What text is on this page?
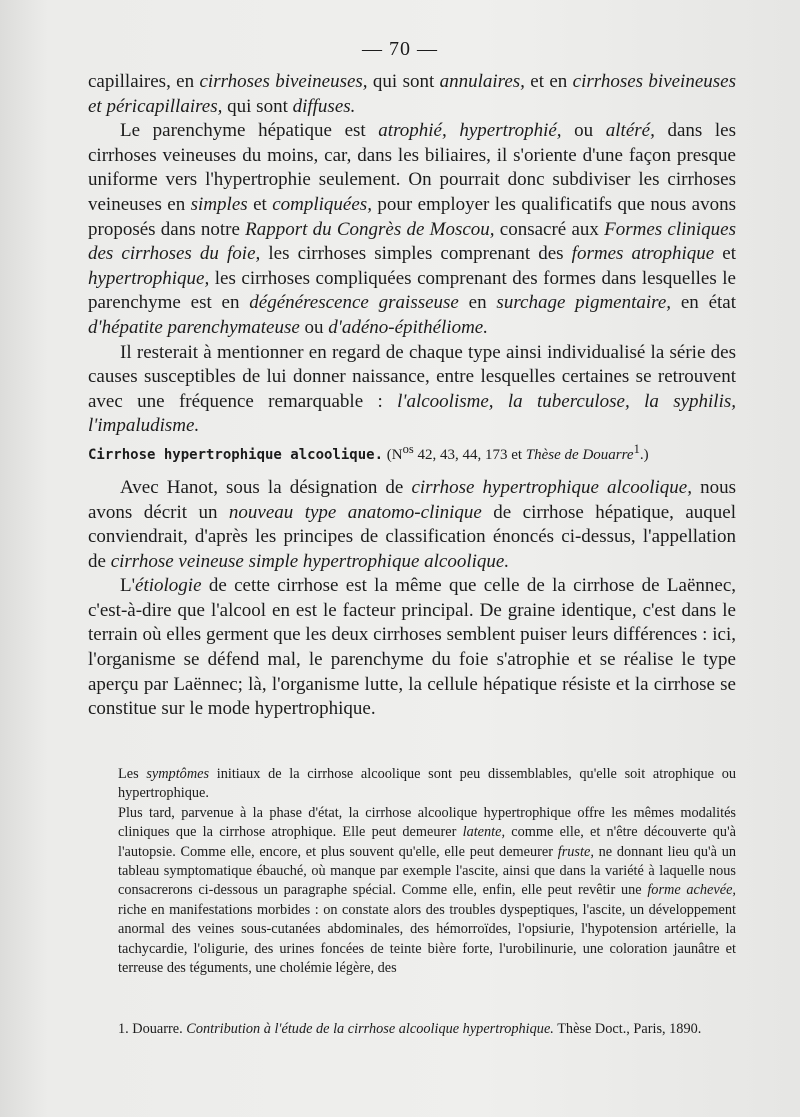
— 70 —

capillaires, en cirrhoses biveineuses, qui sont annulaires, et en cirrhoses biveineuses et péricapillaires, qui sont diffuses.

Le parenchyme hépatique est atrophié, hypertrophié, ou altéré, dans les cirrhoses veineuses du moins, car, dans les biliaires, il s'oriente d'une façon presque uniforme vers l'hypertrophie seulement. On pourrait donc subdiviser les cirrhoses veineuses en simples et compliquées, pour employer les qualificatifs que nous avons proposés dans notre Rapport du Congrès de Moscou, consacré aux Formes cliniques des cirrhoses du foie, les cirrhoses simples comprenant des formes atrophique et hypertrophique, les cirrhoses compliquées comprenant des formes dans lesquelles le parenchyme est en dégénérescence graisseuse en surchage pigmentaire, en état d'hépatite parenchymateuse ou d'adéno-épithéliome.

Il resterait à mentionner en regard de chaque type ainsi individualisé la série des causes susceptibles de lui donner naissance, entre lesquelles certaines se retrouvent avec une fréquence remarquable : l'alcoolisme, la tuberculose, la syphilis, l'impaludisme.

Cirrhose hypertrophique alcoolique. ($N^{os}$ 42, 43, 44, 173 et Thèse de Douarre$^1$.)

Avec Hanot, sous la désignation de cirrhose hypertrophique alcoolique, nous avons décrit un nouveau type anatomo-clinique de cirrhose hépatique, auquel conviendrait, d'après les principes de classification énoncés ci-dessus, l'appellation de cirrhose veineuse simple hypertrophique alcoolique.

L'étiologie de cette cirrhose est la même que celle de la cirrhose de Laënnec, c'est-à-dire que l'alcool en est le facteur principal. De graine identique, c'est dans le terrain où elles germent que les deux cirrhoses semblent puiser leurs différences : ici, l'organisme se défend mal, le parenchyme du foie s'atrophie et se réalise le type aperçu par Laënnec; là, l'organisme lutte, la cellule hépatique résiste et la cirrhose se constitue sur le mode hypertrophique.

Les symptômes initiaux de la cirrhose alcoolique sont peu dissemblables, qu'elle soit atrophique ou hypertrophique.

Plus tard, parvenue à la phase d'état, la cirrhose alcoolique hypertrophique offre les mêmes modalités cliniques que la cirrhose atrophique. Elle peut demeurer latente, comme elle, et n'être découverte qu'à l'autopsie. Comme elle, encore, et plus souvent qu'elle, elle peut demeurer fruste, ne donnant lieu qu'à un tableau symptomatique ébauché, où manque par exemple l'ascite, ainsi que dans la variété à laquelle nous consacrerons ci-dessous un paragraphe spécial. Comme elle, enfin, elle peut revêtir une forme achevée, riche en manifestations morbides : on constate alors des troubles dyspeptiques, l'ascite, un développement anormal des veines sous-cutanées abdominales, des hémorroïdes, l'opsiurie, l'hypotension artérielle, la tachycardie, l'oligurie, des urines foncées de teinte bière forte, l'urobilinurie, une coloration jaunâtre et terreuse des téguments, une cholémie légère, des

1. Douarre. Contribution à l'étude de la cirrhose alcoolique hypertrophique. Thèse Doct., Paris, 1890.
